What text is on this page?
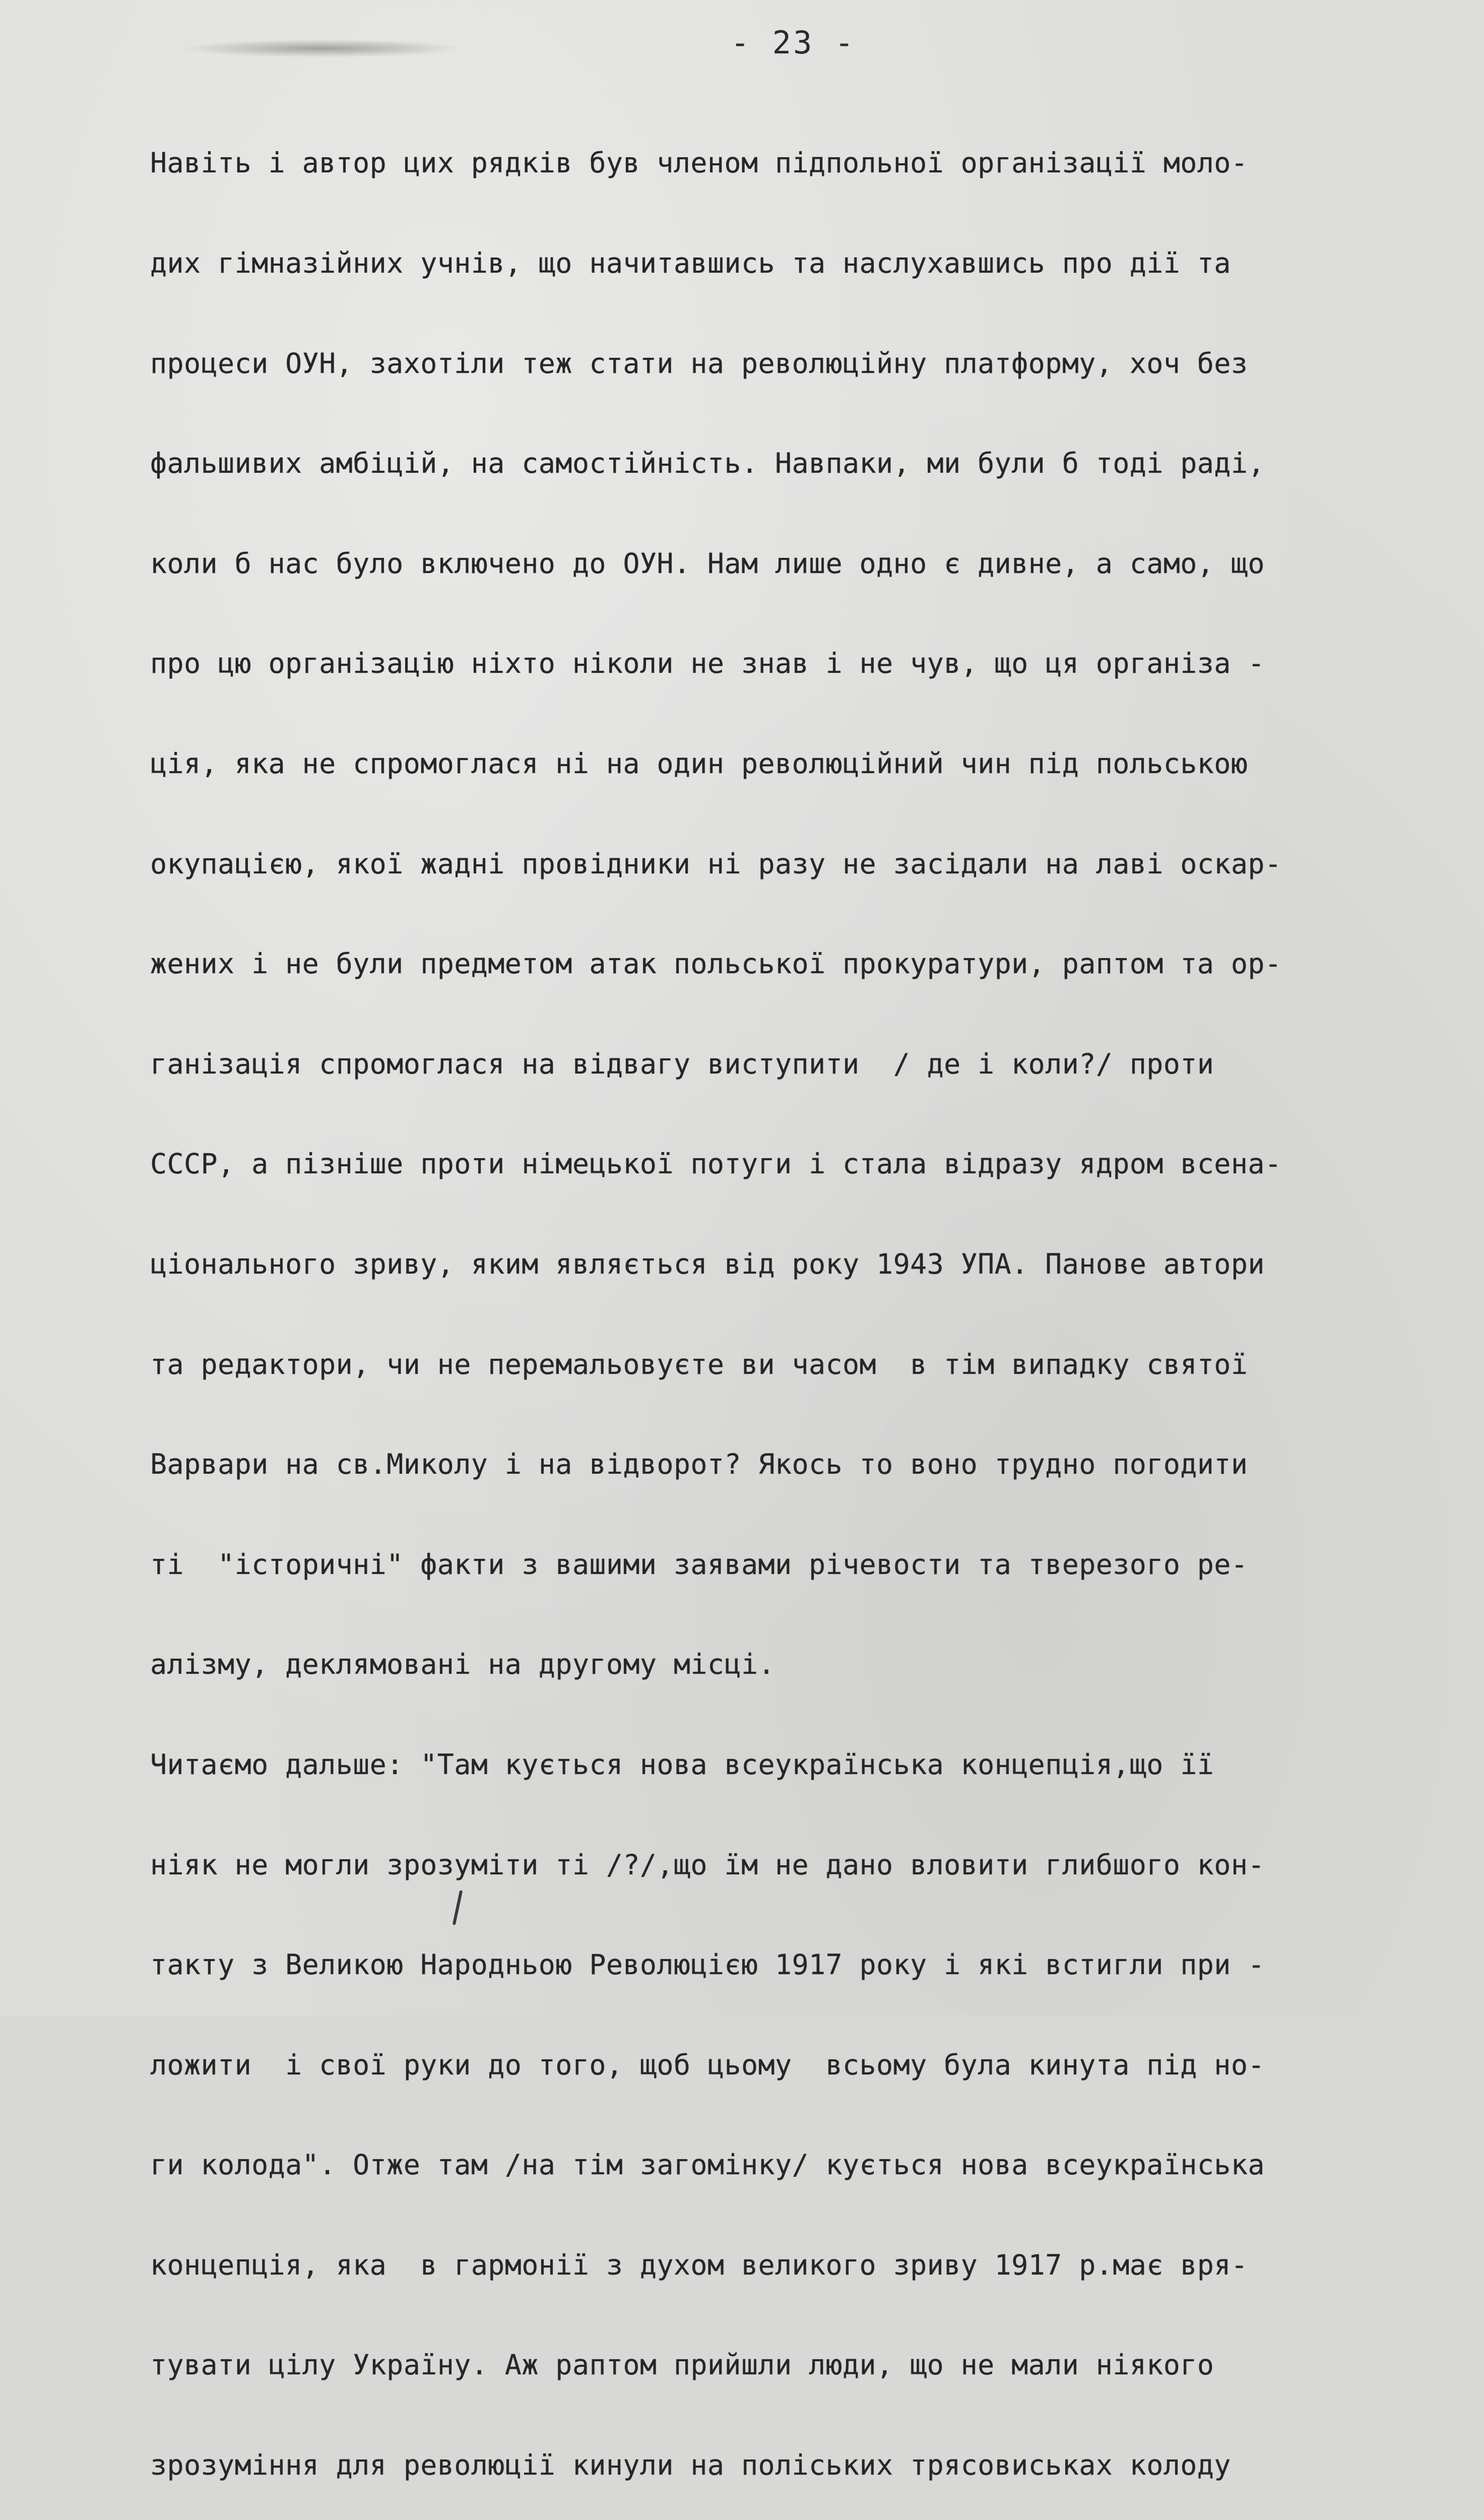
- 23 -

Навіть і автор цих рядків був членом підпольної організації моло-

дих гімназійних учнів, що начитавшись та наслухавшись про дії та

процеси ОУН, захотіли теж стати на революційну платформу, хоч без

фальшивих амбіцій, на самостійність. Навпаки, ми були б тоді раді,

коли б нас було включено до ОУН. Нам лише одно є дивне, а само, що

про цю організацію ніхто ніколи не знав і не чув, що ця організа -

ція, яка не спромоглася ні на один революційний чин під польською

окупацією, якої жадні провідники ні разу не засідали на лаві оскар-

жених і не були предметом атак польської прокуратури, раптом та ор-

ганізація спромоглася на відвагу виступити  / де і коли?/ проти

СССР, а пізніше проти німецької потуги і стала відразу ядром всена-

ціонального зриву, яким являється від року 1943 УПА. Панове автори

та редактори, чи не перемальовуєте ви часом  в тім випадку святої

Варвари на св.Миколу і на відворот? Якось то воно трудно погодити

ті  "історичні" факти з вашими заявами річевости та тверезого ре-

алізму, деклямовані на другому місці.

Читаємо дальше: "Там кується нова всеукраїнська концепція,що її

ніяк не могли зрозуміти ті /?/,що їм не дано вловити глибшого кон-

такту з Великою Народньою Революцією 1917 року і які встигли при -

ложити  і свої руки до того, щоб цьому  всьому була кинута під но-

ги колода". Отже там /на тім загомінку/ кується нова всеукраїнська

концепція, яка  в гармонії з духом великого зриву 1917 р.має вря-

тувати цілу Україну. Аж раптом прийшли люди, що не мали ніякого

зрозуміння для революції кинули на поліських трясовиськах колоду
